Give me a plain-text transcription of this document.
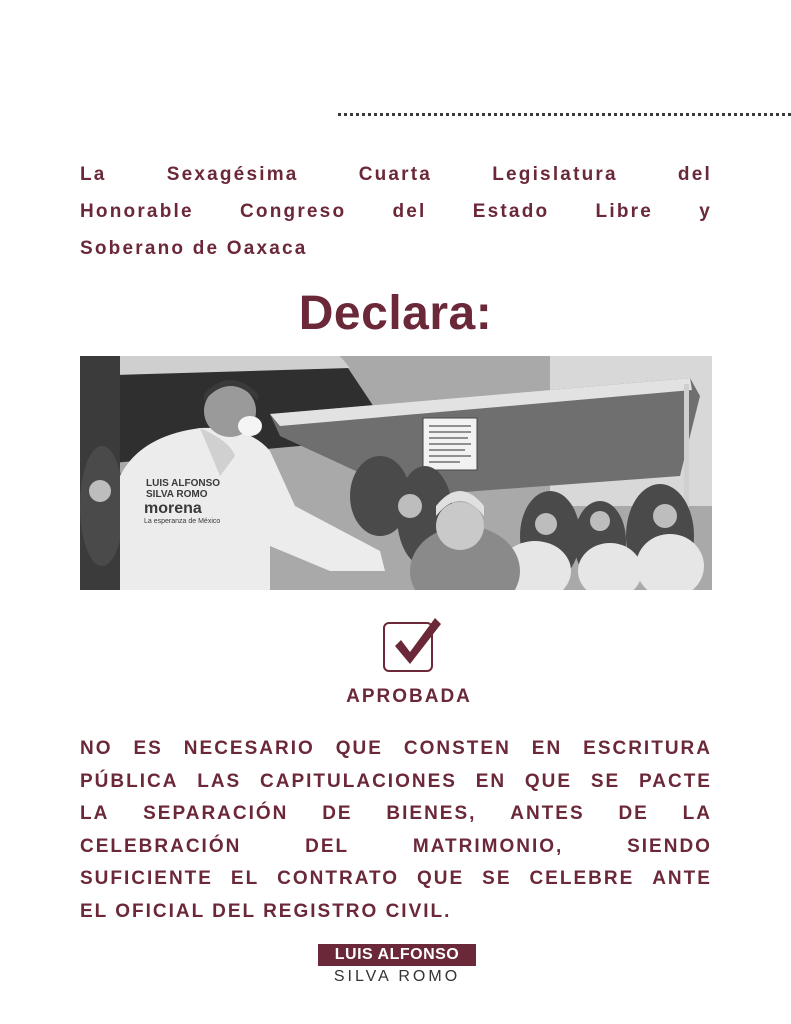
La	Sexagésima	Cuarta	Legislatura	del
Honorable Congreso del Estado Libre y
Soberano de Oaxaca
Declara:
LUIS ALFONSO
SILVA ROMO
morena
La esperanza de México
APROBADA
NO ES NECESARIO QUE CONSTEN EN ESCRITURA
PÚBLICA LAS CAPITULACIONES EN QUE SE PACTE
LA SEPARACIÓN DE BIENES, ANTES DE LA
CELEBRACIÓN	DEL	MATRIMONIO,	SIENDO
SUFICIENTE EL CONTRATO QUE SE CELEBRE ANTE
EL OFICIAL DEL REGISTRO CIVIL.
LUIS ALFONSO
SILVA ROMO
